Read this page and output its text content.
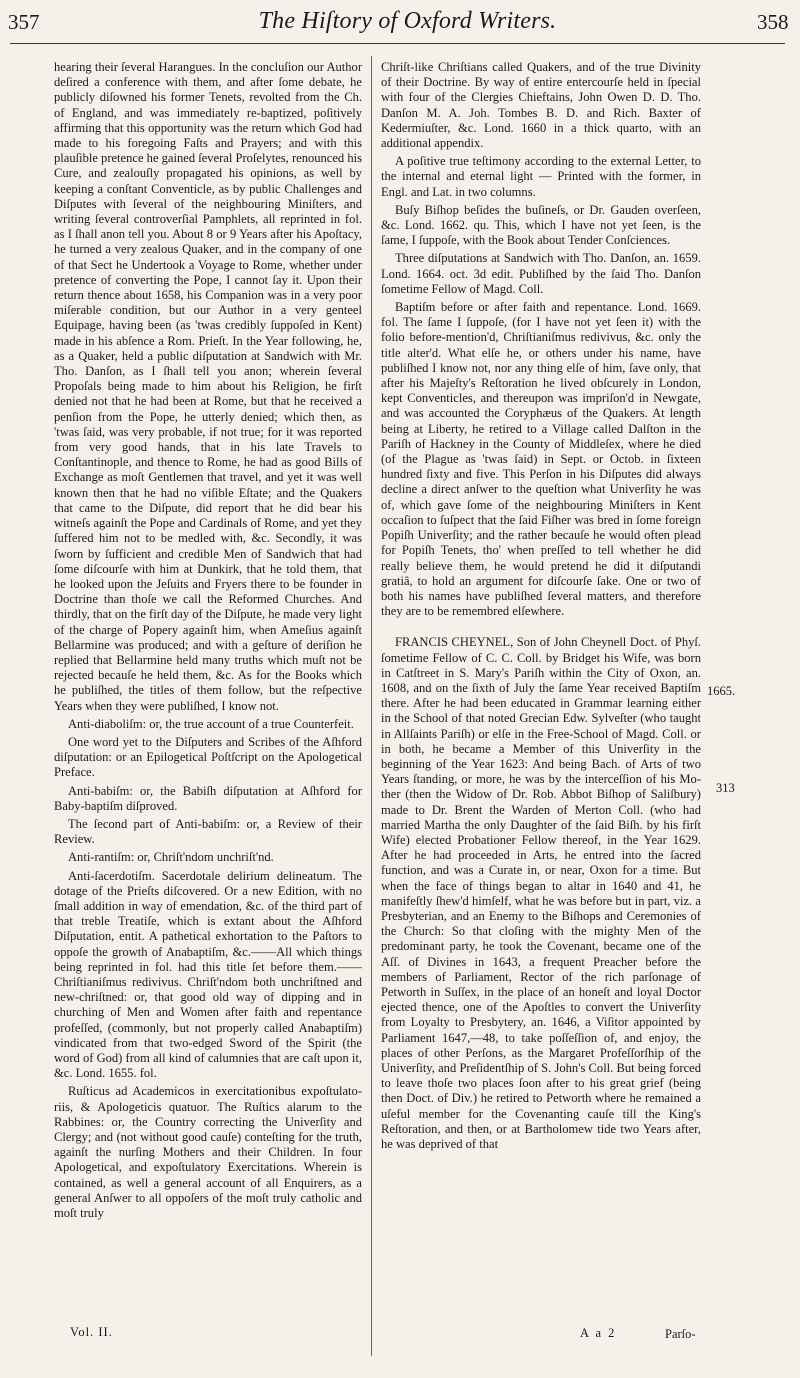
357	The Hiſtory of Oxford Writers.	358

hearing their ſeveral Harangues. In the concluſion our Author deſired a conference with them, and after ſome debate, he publicly diſowned his former Tenets, revolted from the Ch. of England, and was immediately re-baptized, poſitively affirming that this opportunity was the return which God had made to his foregoing Faſts and Prayers; and with this plauſible pretence he gained ſeveral Proſelytes, renounced his Cure, and zealouſly propagated his opinions, as well by keeping a conſtant Conventicle, as by public Challenges and Diſputes with ſeveral of the neighbouring Miniſters, and writing ſeveral controverſial Pamphlets, all reprinted in fol. as I ſhall anon tell you. About 8 or 9 Years after his Apoſtacy, he turned a very zealous Quaker, and in the company of one of that Sect he Undertook a Voyage to Rome, whether under pretence of converting the Pope, I cannot ſay it. Upon their return thence about 1658, his Companion was in a very poor miſerable condition, but our Author in a very genteel Equipage, having been (as 'twas credibly ſuppoſed in Kent) made in his abſence a Rom. Prieſt. In the Year following, he, as a Quaker, held a public diſputation at Sandwich with Mr. Tho. Danſon, as I ſhall tell you anon; wherein ſeveral Propoſals being made to him about his Religion, he firſt denied not that he had been at Rome, but that he received a penſion from the Pope, he utterly denied; which then, as 'twas ſaid, was very probable, if not true; for it was reported from very good hands, that in his late Travels to Conſtantinople, and thence to Rome, he had as good Bills of Exchange as moſt Gentlemen that travel, and yet it was well known then that he had no viſible Eſtate; and the Quakers that came to the Diſpute, did report that he did bear his witneſs againſt the Pope and Cardinals of Rome, and yet they ſuffered him not to be medled with, &c. Secondly, it was ſworn by ſufficient and credible Men of Sandwich that had ſome diſcourſe with him at Dunkirk, that he told them, that he looked upon the Jeſuits and Fryers there to be founder in Doctrine than thoſe we call the Reformed Churches. And thirdly, that on the firſt day of the Diſpute, he made very light of the charge of Popery againſt him, when Ameſius againſt Bellarmine was produced; and with a geſture of deriſion he replied that Bellarmine held many truths which muſt not be rejected becauſe he held them, &c. As for the Books which he publiſhed, the titles of them follow, but the reſpective Years when they were publiſhed, I know not.

Anti-diaboliſm: or, the true account of a true Counterfeit.

One word yet to the Diſputers and Scribes of the Aſhford diſputation: or an Epilogetical Poſtſcript on the Apologetical Preface.

Anti-babiſm: or, the Babiſh diſputation at Aſhford for Baby-baptiſm diſproved.

The ſecond part of Anti-babiſm: or, a Review of their Review.

Anti-rantiſm: or, Chriſt'ndom unchriſt'nd.

Anti-ſacerdotiſm. Sacerdotale delirium delineatum. The dotage of the Prieſts diſcovered. Or a new Edition, with no ſmall addition in way of emendation, &c. of the third part of that treble Treatiſe, which is extant about the Aſhford Diſputation, entit. A pathetical exhortation to the Paſtors to oppoſe the growth of Anabaptiſm, &c.——All which things being reprinted in fol. had this title ſet before them.——Chriſtianiſmus redivivus. Chriſt'ndom both unchriſtned and new-chriſtned: or, that good old way of dipping and in churching of Men and Women after faith and repentance profeſſed, (commonly, but not properly called Anabaptiſm) vindicated from that two-edged Sword of the Spirit (the word of God) from all kind of calumnies that are caſt upon it, &c. Lond. 1655. fol.

Ruſticus ad Academicos in exercitationibus expoſtulatoriis, & Apologeticis quatuor. The Ruſtics alarum to the Rabbines: or, the Country correcting the Univerſity and Clergy; and (not without good cauſe) conteſting for the truth, againſt the nurſing Mothers and their Children. In four Apologetical, and expoſtulatory Exercitations. Wherein is contained, as well a general account of all Enquirers, as a general Anſwer to all oppoſers of the moſt truly catholic and moſt truly

Chriſt-like Chriſtians called Quakers, and of the true Divinity of their Doctrine. By way of entire entercourſe held in ſpecial with four of the Clergies Chieftains, John Owen D. D. Tho. Danſon M. A. Joh. Tombes B. D. and Rich. Baxter of Kedermiuſter, &c. Lond. 1660 in a thick quarto, with an additional appendix.

A poſitive true teſtimony according to the external Letter, to the internal and eternal light — Printed with the former, in Engl. and Lat. in two columns.

Buſy Biſhop beſides the buſineſs, or Dr. Gauden overſeen, &c. Lond. 1662. qu. This, which I have not yet ſeen, is the ſame, I ſuppoſe, with the Book about Tender Conſciences.

Three diſputations at Sandwich with Tho. Danſon, an. 1659. Lond. 1664. oct. 3d edit. Publiſhed by the ſaid Tho. Danſon ſometime Fellow of Magd. Coll.

Baptiſm before or after faith and repentance. Lond. 1669. fol. The ſame I ſuppoſe, (for I have not yet ſeen it) with the folio before-mention'd, Chriſtianiſmus redivivus, &c. only the title alter'd. What elſe he, or others under his name, have publiſhed I know not, nor any thing elſe of him, ſave only, that after his Majeſty's Reſtoration he lived obſcurely in London, kept Conventicles, and thereupon was impriſon'd in Newgate, and was accounted the Coryphæus of the Quakers. At length being at Liberty, he retired to a Village called Dalſton in the Pariſh of Hackney in the County of Middleſex, where he died (of the Plague as 'twas ſaid) in Sept. or Octob. in ſixteen hundred ſixty and five. This Perſon in his Diſputes did always decline a direct anſwer to the queſtion what Univerſity he was of, which gave ſome of the neighbouring Miniſters in Kent occaſion to ſuſpect that the ſaid Fiſher was bred in ſome foreign Popiſh Univerſity; and the rather becauſe he would often plead for Popiſh Tenets, tho' when preſſed to tell whether he did really believe them, he would pretend he did it diſputandi gratiâ, to hold an argument for diſcourſe ſake. One or two of both his names have publiſhed ſeveral matters, and therefore they are to be remembred elſewhere.

FRANCIS CHEYNEL, Son of John Cheynell Doct. of Phyſ. ſometime Fellow of C. C. Coll. by Bridget his Wife, was born in Catſtreet in S. Mary's Pariſh within the City of Oxon, an. 1608, and on the ſixth of July the ſame Year received Baptiſm there. After he had been educated in Grammar learning either in the School of that noted Grecian Edw. Sylveſter (who taught in Allſaints Pariſh) or elſe in the Free-School of Magd. Coll. or in both, he became a Member of this Univerſity in the beginning of the Year 1623: And being Bach. of Arts of two Years ſtanding, or more, he was by the interceſſion of his Mother (then the Widow of Dr. Rob. Abbot Biſhop of Saliſbury) made to Dr. Brent the Warden of Merton Coll. (who had married Martha the only Daughter of the ſaid Biſh. by his firſt Wife) elected Probationer Fellow thereof, in the Year 1629. After he had proceeded in Arts, he entred into the ſacred function, and was a Curate in, or near, Oxon for a time. But when the face of things began to altar in 1640 and 41, he manifeſtly ſhew'd himſelf, what he was before but in part, viz. a Presbyterian, and an Enemy to the Biſhops and Ceremonies of the Church: So that cloſing with the mighty Men of the predominant party, he took the Covenant, became one of the Aſſ. of Divines in 1643, a frequent Preacher before the members of Parliament, Rector of the rich parſonage of Petworth in Suſſex, in the place of an honeſt and loyal Doctor ejected thence, one of the Apoſtles to convert the Univerſity from Loyalty to Presbytery, an. 1646, a Viſitor appointed by Parliament 1647,—48, to take poſſeſſion of, and enjoy, the places of other Perſons, as the Margaret Profeſſorſhip of the Univerſity, and Preſidentſhip of S. John's Coll. But being forced to leave thoſe two places ſoon after to his great grief (being then Doct. of Div.) he retired to Petworth where he remained a uſeful member for the Covenanting cauſe till the King's Reſtoration, and then, or at Bartholomew tide two Years after, he was deprived of that

1665.
313
Vol. II.	A a 2	Parſo-
